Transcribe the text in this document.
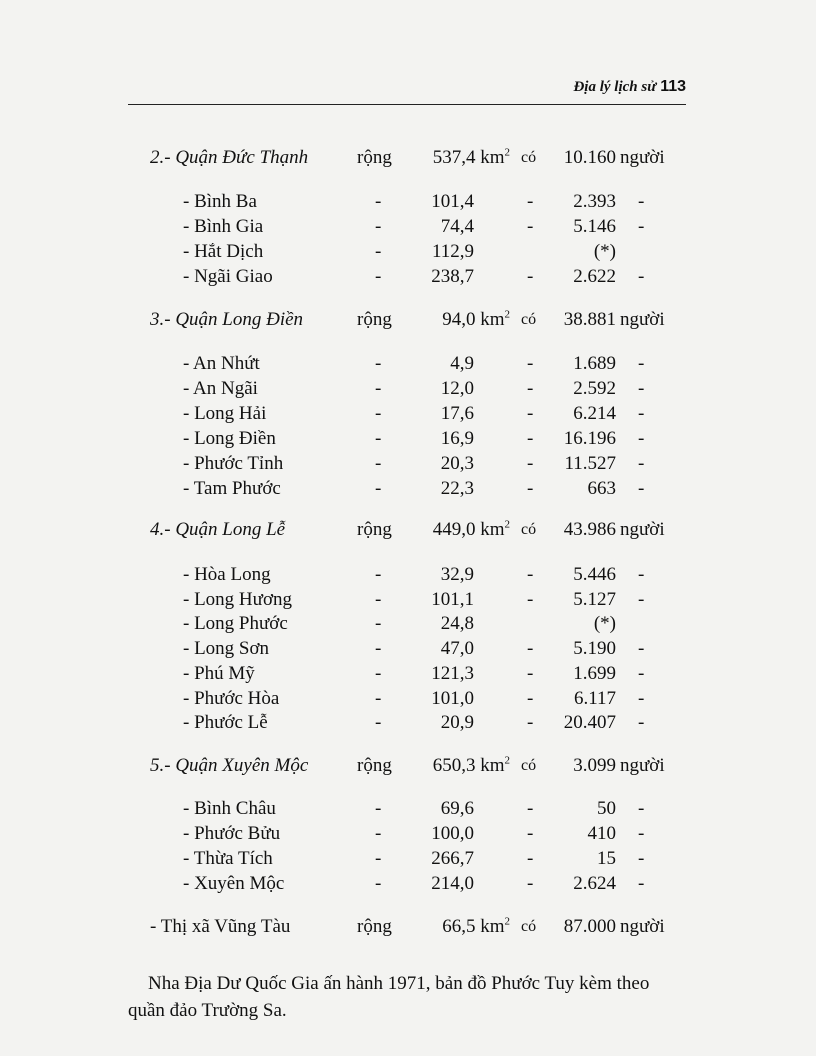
Địa lý lịch sử 113
2.- Quận Đức Thạnh	rộng	537,4 $km^2$ có	10.160 người
- Bình Ba	-	101,4	-	2.393 -
- Bình Gia	-	74,4	-	5.146 -
- Hắt Dịch	-	112,9	(*)
- Ngãi Giao	-	238,7	-	2.622 -
3.- Quận Long Điền	rộng	94,0 $km^2$ có	38.881 người
- An Nhứt	-	4,9	-	1.689 -
- An Ngãi	-	12,0	-	2.592 -
- Long Hải	-	17,6	-	6.214 -
- Long Điền	-	16,9	-	16.196 -
- Phước Tỉnh	-	20,3	-	11.527 -
- Tam Phước	-	22,3	-	663 -
4.- Quận Long Lễ	rộng	449,0 $km^2$ có	43.986 người
- Hòa Long	-	32,9	-	5.446 -
- Long Hương	-	101,1	-	5.127 -
- Long Phước	-	24,8	(*)
- Long Sơn	-	47,0	-	5.190 -
- Phú Mỹ	-	121,3	-	1.699 -
- Phước Hòa	-	101,0	-	6.117 -
- Phước Lễ	-	20,9	-	20.407 -
5.- Quận Xuyên Mộc	rộng	650,3 $km^2$ có	3.099 người
- Bình Châu	-	69,6	-	50 -
- Phước Bửu	-	100,0	-	410 -
- Thừa Tích	-	266,7	-	15 -
- Xuyên Mộc	-	214,0	-	2.624 -
- Thị xã Vũng Tàu	rộng	66,5 $km^2$ có	87.000 người
Nha Địa Dư Quốc Gia ấn hành 1971, bản đồ Phước Tuy kèm theo quần đảo Trường Sa.
